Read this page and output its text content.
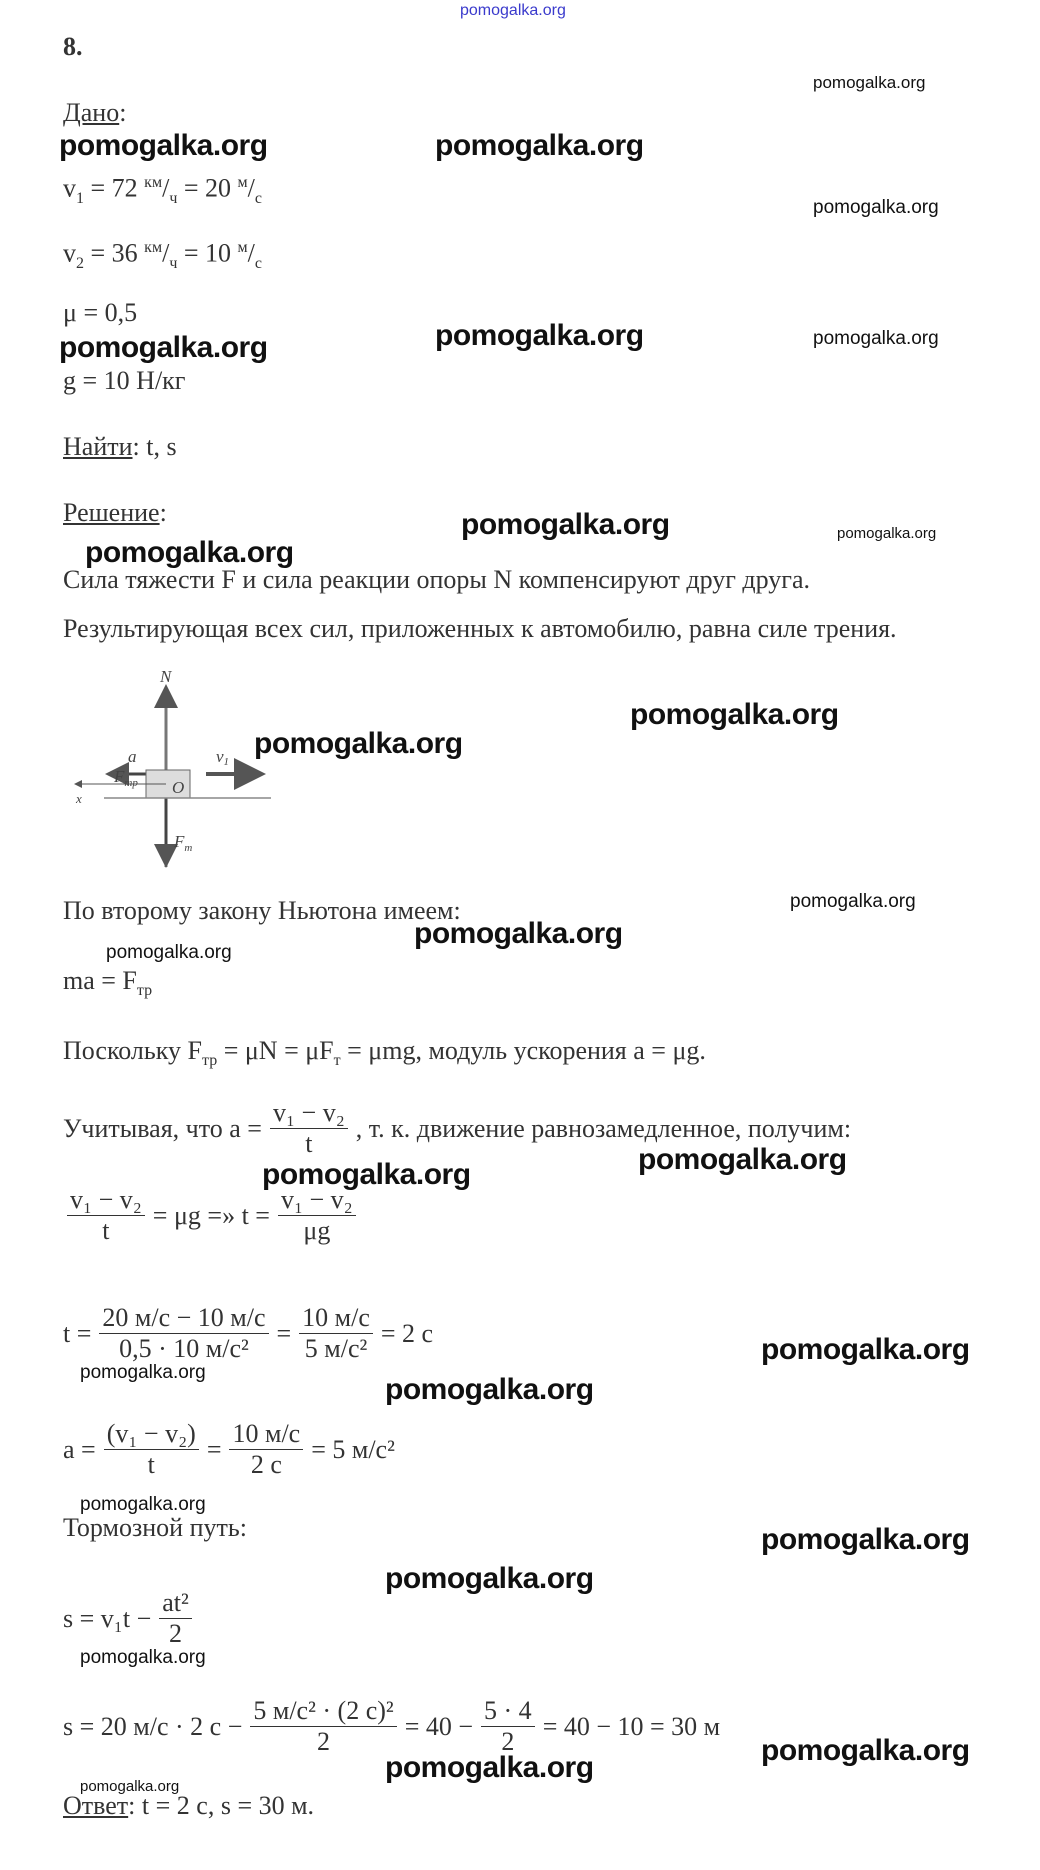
pomogalka.org
8.
Дано:
$v_1 = 72$ $^{км}/_ч = 20$ $^м/_с$
$v_2 = 36$ $^{км}/_ч = 10$ $^м/_с$
μ = 0,5
g = 10 Н/кг
Найти: t, s
Решение:
Сила тяжести F и сила реакции опоры N компенсируют друг друга.
Результирующая всех сил, приложенных к автомобилю, равна силе трения.
N
a	v1
$F_{тр}$ O
x
$F_т$
По второму закону Ньютона имеем:
ma = $F_{тр}$
Поскольку $F_{тр} = \mu N = \mu F_т = \mu mg$, модуль ускорения a = μg.
Учитывая, что $a = \frac{\text{v₁ − v₂}}{t}$ , т. к. движение равнозамедленное, получим:
$\frac{\text{v₁ − v₂}}{t} = \mu g$ =» $t = \frac{\text{v₁ − v₂}}{\mu g}$
$t = \frac{20 м/с - 10 м/с}{\text{0,5 · 10 м/с²}} = \frac{10 м/с}{\text{5 м/с²}} = 2$ с
$a = \frac{\text{(v₁ − v₂)}}{t} = \frac{10 м/с}{2 с} = 5$ м/с²
Тормозной путь:
$s = v_1t - \frac{\text{at²}}{2}$
s = 20 м/с · 2 $с - \frac{\text{5 м/с² · (2 с)²}}{2} = 40 - \frac{5 \cdot 4}{2} = 40 - 10 = 30$ м
Ответ: t = 2 с, s = 30 м.
pomogalka.org
pomogalka.org	pomogalka.org
pomogalka.org
pomogalka.org	pomogalka.org	pomogalka.org
pomogalka.org	pomogalka.org
pomogalka.org
pomogalka.org
pomogalka.org
pomogalka.org
pomogalka.org
pomogalka.org
pomogalka.org
pomogalka.org
pomogalka.org
pomogalka.org
pomogalka.org
pomogalka.org
pomogalka.org
pomogalka.org
pomogalka.org
pomogalka.org
pomogalka.org
pomogalka.org
